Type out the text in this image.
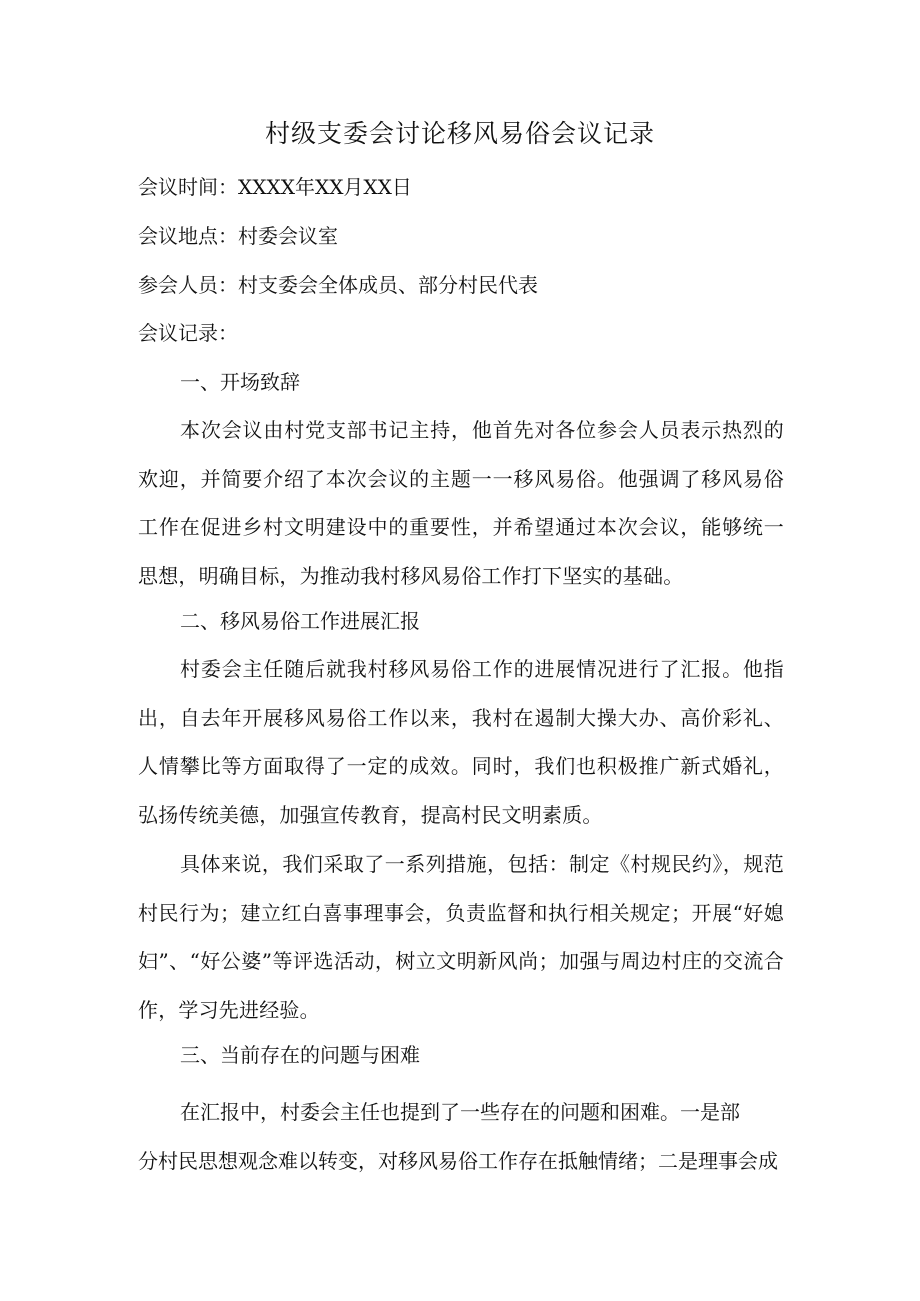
村级支委会讨论移风易俗会议记录

会议时间：XXXX年XX月XX日

会议地点：村委会议室

参会人员：村支委会全体成员、部分村民代表

会议记录：

一、开场致辞

本次会议由村党支部书记主持，他首先对各位参会人员表示热烈的欢迎，并简要介绍了本次会议的主题一一移风易俗。他强调了移风易俗工作在促进乡村文明建设中的重要性，并希望通过本次会议，能够统一思想，明确目标，为推动我村移风易俗工作打下坚实的基础。

二、移风易俗工作进展汇报

村委会主任随后就我村移风易俗工作的进展情况进行了汇报。他指出，自去年开展移风易俗工作以来，我村在遏制大操大办、高价彩礼、人情攀比等方面取得了一定的成效。同时，我们也积极推广新式婚礼，弘扬传统美德，加强宣传教育，提高村民文明素质。

具体来说，我们采取了一系列措施，包括：制定《村规民约》，规范村民行为；建立红白喜事理事会，负责监督和执行相关规定；开展“好媳妇”、“好公婆”等评选活动，树立文明新风尚；加强与周边村庄的交流合作，学习先进经验。

三、当前存在的问题与困难

在汇报中，村委会主任也提到了一些存在的问题和困难。一是部

分村民思想观念难以转变，对移风易俗工作存在抵触情绪；二是理事会成
